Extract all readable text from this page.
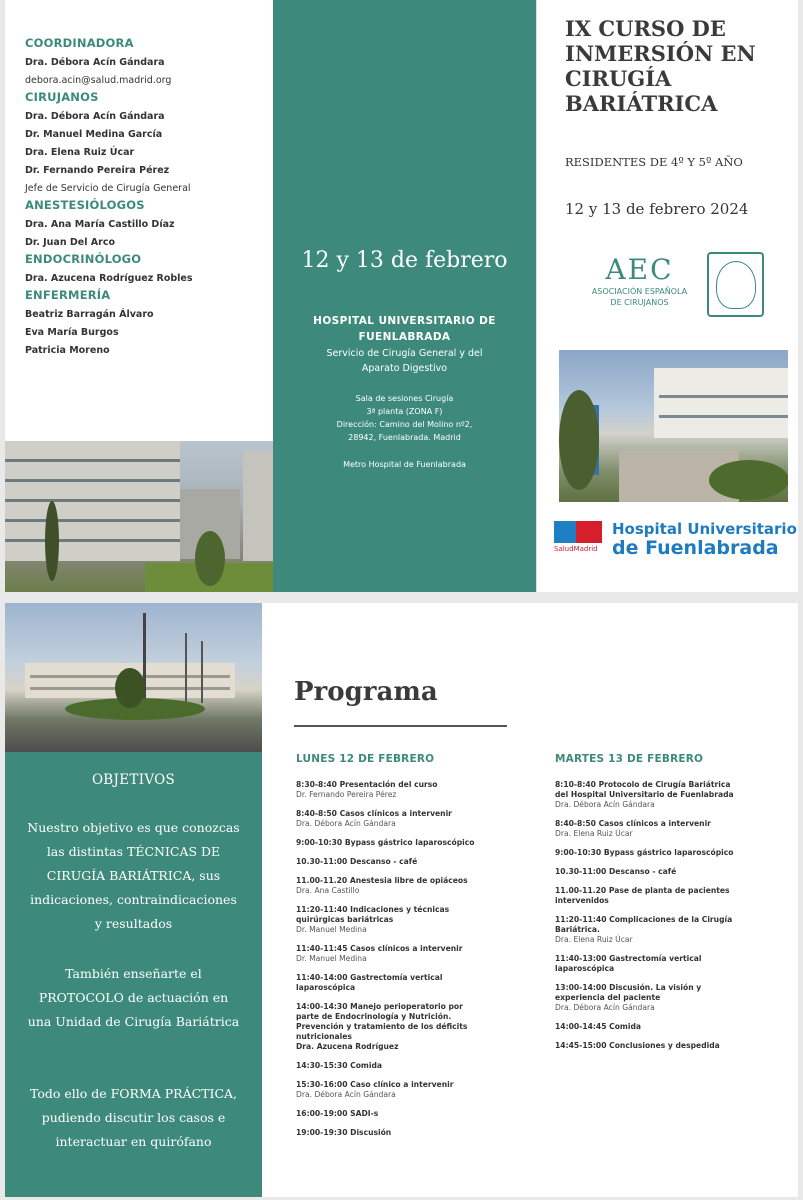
COORDINADORA
Dra. Débora Acín Gándara
debora.acin@salud.madrid.org
CIRUJANOS
Dra. Débora Acín Gándara
Dr. Manuel Medina García
Dra. Elena Ruiz Úcar
Dr. Fernando Pereira Pérez
Jefe de Servicio de Cirugía General
ANESTESIÓLOGOS
Dra. Ana María Castillo Díaz
Dr. Juan Del Arco
ENDOCRINÓLOGO
Dra. Azucena Rodríguez Robles
ENFERMERÍA
Beatriz Barragán Álvaro
Eva María Burgos
Patricia Moreno
12 y 13 de febrero
HOSPITAL UNIVERSITARIO DE
FUENLABRADA
Servicio de Cirugía General y del
Aparato Digestivo
Sala de sesiones Cirugía
3ª planta (ZONA F)
Dirección: Camino del Molino nº2,
28942, Fuenlabrada. Madrid
Metro Hospital de Fuenlabrada
IX CURSO DE
INMERSIÓN EN
CIRUGÍA
BARIÁTRICA
RESIDENTES DE 4º Y 5º AÑO
12 y 13 de febrero 2024
AEC
ASOCIACIÓN ESPAÑOLA
DE CIRUJANOS
SaludMadrid
Hospital Universitario
de Fuenlabrada
OBJETIVOS
Nuestro objetivo es que conozcas las distintas TÉCNICAS DE CIRUGÍA BARIÁTRICA, sus indicaciones, contraindicaciones y resultados
También enseñarte el PROTOCOLO de actuación en una Unidad de Cirugía Bariátrica
Todo ello de FORMA PRÁCTICA, pudiendo discutir los casos e interactuar en quirófano
Programa
LUNES 12 DE FEBRERO
8:30-8:40 Presentación del curso
Dr. Fernando Pereira Pérez
8:40-8:50 Casos clínicos a intervenir
Dra. Débora Acín Gándara
9:00-10:30 Bypass gástrico laparoscópico
10.30-11:00 Descanso - café
11.00-11.20 Anestesia libre de opiáceos
Dra. Ana Castillo
11:20-11:40 Indicaciones y técnicas
quirúrgicas bariátricas
Dr. Manuel Medina
11:40-11:45 Casos clínicos a intervenir
Dr. Manuel Medina
11:40-14:00 Gastrectomía vertical
laparoscópica
14:00-14:30 Manejo perioperatorio por
parte de Endocrinología y Nutrición.
Prevención y tratamiento de los déficits
nutricionales
Dra. Azucena Rodríguez
14:30-15:30 Comida
15:30-16:00 Caso clínico a intervenir
Dra. Débora Acín Gándara
16:00-19:00 SADI-s
19:00-19:30 Discusión
MARTES 13 DE FEBRERO
8:10-8:40 Protocolo de Cirugía Bariátrica
del Hospital Universitario de Fuenlabrada
Dra. Débora Acín Gándara
8:40-8:50 Casos clínicos a intervenir
Dra. Elena Ruiz Úcar
9:00-10:30 Bypass gástrico laparoscópico
10.30-11:00 Descanso - café
11.00-11.20 Pase de planta de pacientes
intervenidos
11:20-11:40 Complicaciones de la Cirugía
Bariátrica.
Dra. Elena Ruiz Úcar
11:40-13:00 Gastrectomía vertical
laparoscópica
13:00-14:00 Discusión. La visión y
experiencia del paciente
Dra. Débora Acín Gándara
14:00-14:45 Comida
14:45-15:00 Conclusiones y despedida
